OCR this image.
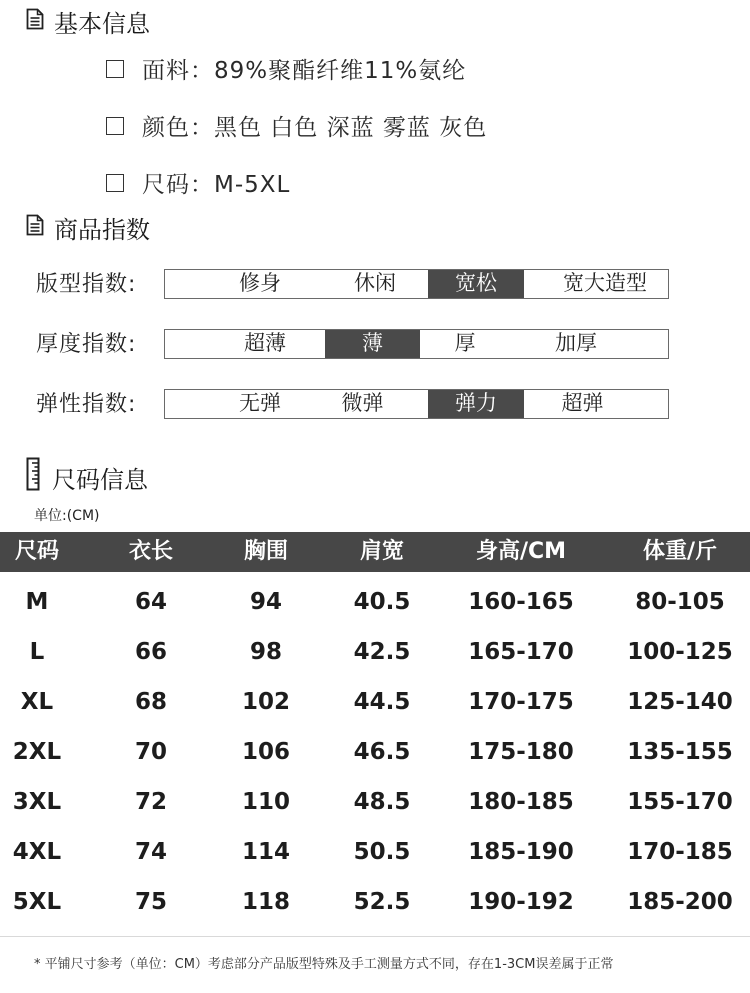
基本信息
面料：89%聚酯纤维11%氨纶
颜色：黑色 白色 深蓝 雾蓝 灰色
尺码：M-5XL
商品指数
版型指数:	修身	休闲	宽松	宽大造型
厚度指数:	超薄	薄	厚	加厚
弹性指数:	无弹	微弹	弹力	超弹
尺码信息
单位:(CM)
尺码	衣长	胸围	肩宽	身高/CM	体重/斤
M	64	94	40.5	160-165	80-105
L	66	98	42.5	165-170	100-125
XL	68	102	44.5	170-175	125-140
2XL	70	106	46.5	175-180	135-155
3XL	72	110	48.5	180-185	155-170
4XL	74	114	50.5	185-190	170-185
5XL	75	118	52.5	190-192	185-200
* 平铺尺寸参考（单位：CM）考虑部分产品版型特殊及手工测量方式不同，存在1-3CM误差属于正常
